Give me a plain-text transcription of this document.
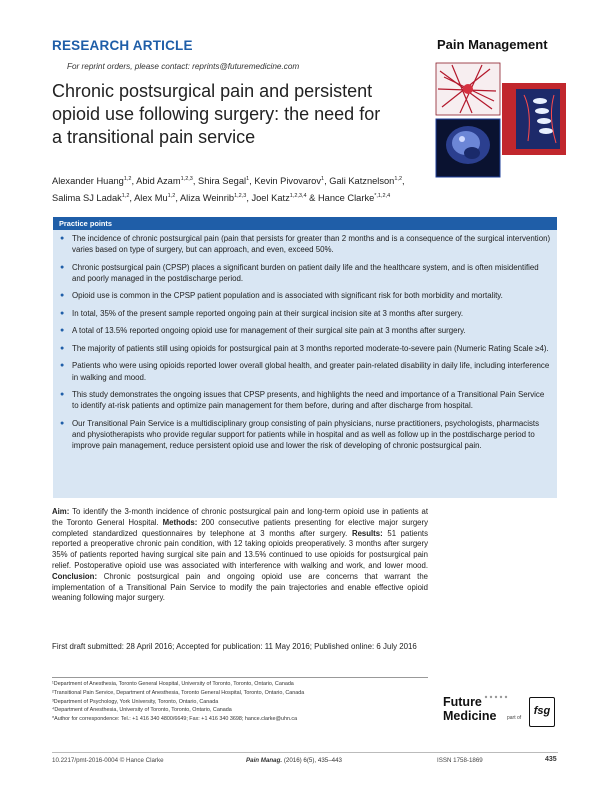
RESEARCH ARTICLE	Pain Management
For reprint orders, please contact: reprints@futuremedicine.com
Chronic postsurgical pain and persistent
opioid use following surgery: the need for
a transitional pain service
Alexander Huang$^{1,2}$, Abid Azam$^{1,2,3}$, Shira Segal$^1$, Kevin Pivovarov$^1$, Gali Katznelson$^{1,2}$, Salima SJ Ladak$^{1,2}$, Alex Mu$^{1,2}$, Aliza Weinrib$^{1,2,3}$, Joel Katz$^{1,2,3,4}$ & Hance Clarke$^{*,1,2,4}$
Practice points
● The incidence of chronic postsurgical pain (pain that persists for greater than 2 months and is a consequence of the surgical intervention) varies based on type of surgery, but can approach, and even, exceed 50%.
● Chronic postsurgical pain (CPSP) places a significant burden on patient daily life and the healthcare system, and is often misidentified and poorly managed in the postdischarge period.
● Opioid use is common in the CPSP patient population and is associated with significant risk for both morbidity and mortality.
● In total, 35% of the present sample reported ongoing pain at their surgical incision site at 3 months after surgery.
● A total of 13.5% reported ongoing opioid use for management of their surgical site pain at 3 months after surgery.
● The majority of patients still using opioids for postsurgical pain at 3 months reported moderate-to-severe pain (Numeric Rating Scale ≥4).
● Patients who were using opioids reported lower overall global health, and greater pain-related disability in daily life, including interference in walking and mood.
● This study demonstrates the ongoing issues that CPSP presents, and highlights the need and importance of a Transitional Pain Service to identify at-risk patients and optimize pain management for them before, during and after discharge from hospital.
● Our Transitional Pain Service is a multidisciplinary group consisting of pain physicians, nurse practitioners, psychologists, pharmacists and physiotherapists who provide regular support for patients while in hospital and as well as follow up in the postdischarge period to improve pain management, reduce persistent opioid use and lower the risk of developing of chronic postsurgical pain.
Aim: To identify the 3-month incidence of chronic postsurgical pain and long-term opioid use in patients at the Toronto General Hospital. Methods: 200 consecutive patients presenting for elective major surgery completed standardized questionnaires by telephone at 3 months after surgery. Results: 51 patients reported a preoperative chronic pain condition, with 12 taking opioids preoperatively. 3 months after surgery 35% of patients reported having surgical site pain and 13.5% continued to use opioids for postsurgical pain relief. Postoperative opioid use was associated with interference with walking and work, and lower mood. Conclusion: Chronic postsurgical pain and ongoing opioid use are concerns that warrant the implementation of a Transitional Pain Service to modify the pain trajectories and enable effective opioid weaning following major surgery.
First draft submitted: 28 April 2016; Accepted for publication: 11 May 2016; Published online: 6 July 2016
¹Department of Anesthesia, Toronto General Hospital, University of Toronto, Toronto, Ontario, Canada
²Transitional Pain Service, Department of Anesthesia, Toronto General Hospital, Toronto, Ontario, Canada
³Department of Psychology, York University, Toronto, Ontario, Canada
⁴Department of Anesthesia, University of Toronto, Toronto, Ontario, Canada
*Author for correspondence: Tel.: +1 416 340 4800/6649; Fax: +1 416 340 3698; hance.clarke@uhn.ca
Future
Medicine part of
fsg
10.2217/pmt-2016-0004 © Hance Clarke	Pain Manag. (2016) 6(5), 435–443	ISSN 1758-1869	435
